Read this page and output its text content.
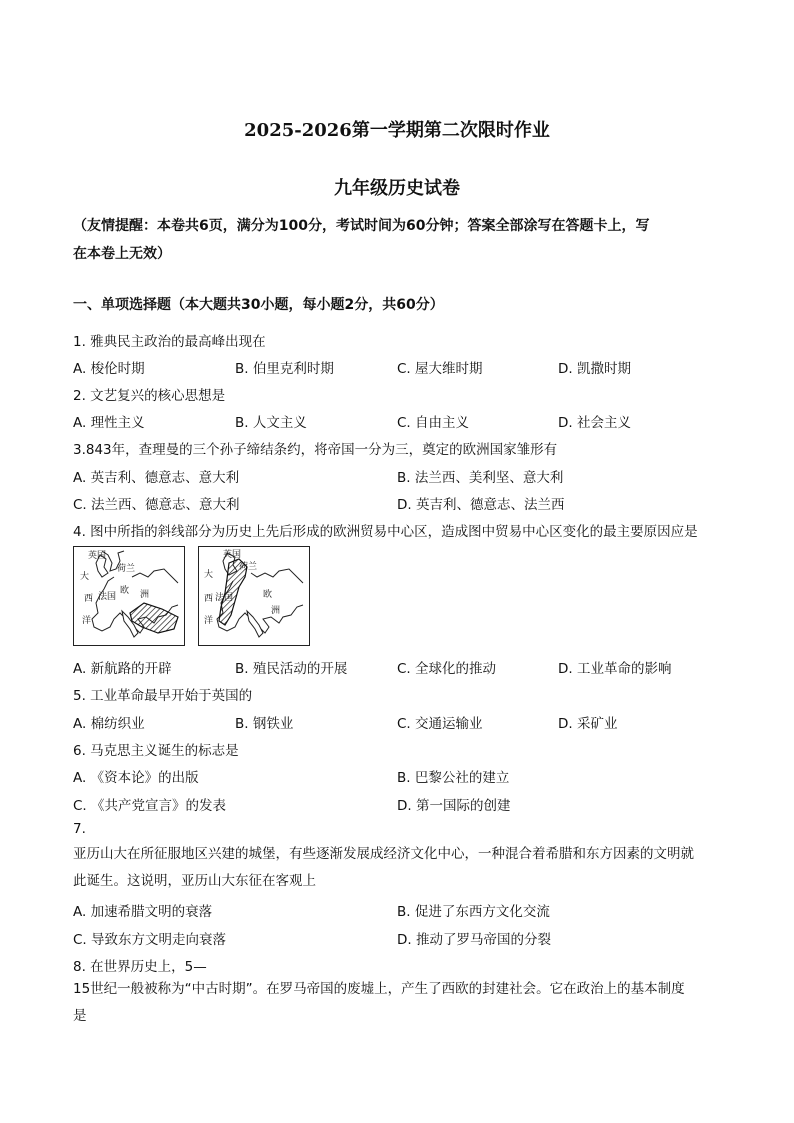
2025-2026第一学期第二次限时作业
九年级历史试卷
（友情提醒：本卷共6页，满分为100分，考试时间为60分钟；答案全部涂写在答题卡上，写
在本卷上无效）
一、单项选择题（本大题共30小题，每小题2分，共60分）
1. 雅典民主政治的最高峰出现在
A. 梭伦时期	B. 伯里克利时期	C. 屋大维时期	D. 凯撒时期
2. 文艺复兴的核心思想是
A. 理性主义	B. 人文主义	C. 自由主义	D. 社会主义
3.843年，查理曼的三个孙子缔结条约，将帝国一分为三，奠定的欧洲国家雏形有
A. 英吉利、德意志、意大利	B. 法兰西、美利坚、意大利
C. 法兰西、德意志、意大利	D. 英吉利、德意志、法兰西
4. 图中所指的斜线部分为历史上先后形成的欧洲贸易中心区，造成图中贸易中心区变化的最主要原因应是
英国
荷兰
大
西
洋
法国
欧 洲
英国
荷兰
大
西
洋
法国	欧
洲
A. 新航路的开辟	B. 殖民活动的开展	C. 全球化的推动	D. 工业革命的影响
5. 工业革命最早开始于英国的
A. 棉纺织业	B. 钢铁业	C. 交通运输业	D. 采矿业
6. 马克思主义诞生的标志是
A. 《资本论》的出版	B. 巴黎公社的建立
C. 《共产党宣言》的发表	D. 第一国际的创建
7.
亚历山大在所征服地区兴建的城堡，有些逐渐发展成经济文化中心，一种混合着希腊和东方因素的文明就
此诞生。这说明，亚历山大东征在客观上
A. 加速希腊文明的衰落	B. 促进了东西方文化交流
C. 导致东方文明走向衰落	D. 推动了罗马帝国的分裂
8. 在世界历史上，5—
15世纪一般被称为“中古时期”。在罗马帝国的废墟上，产生了西欧的封建社会。它在政治上的基本制度
是
